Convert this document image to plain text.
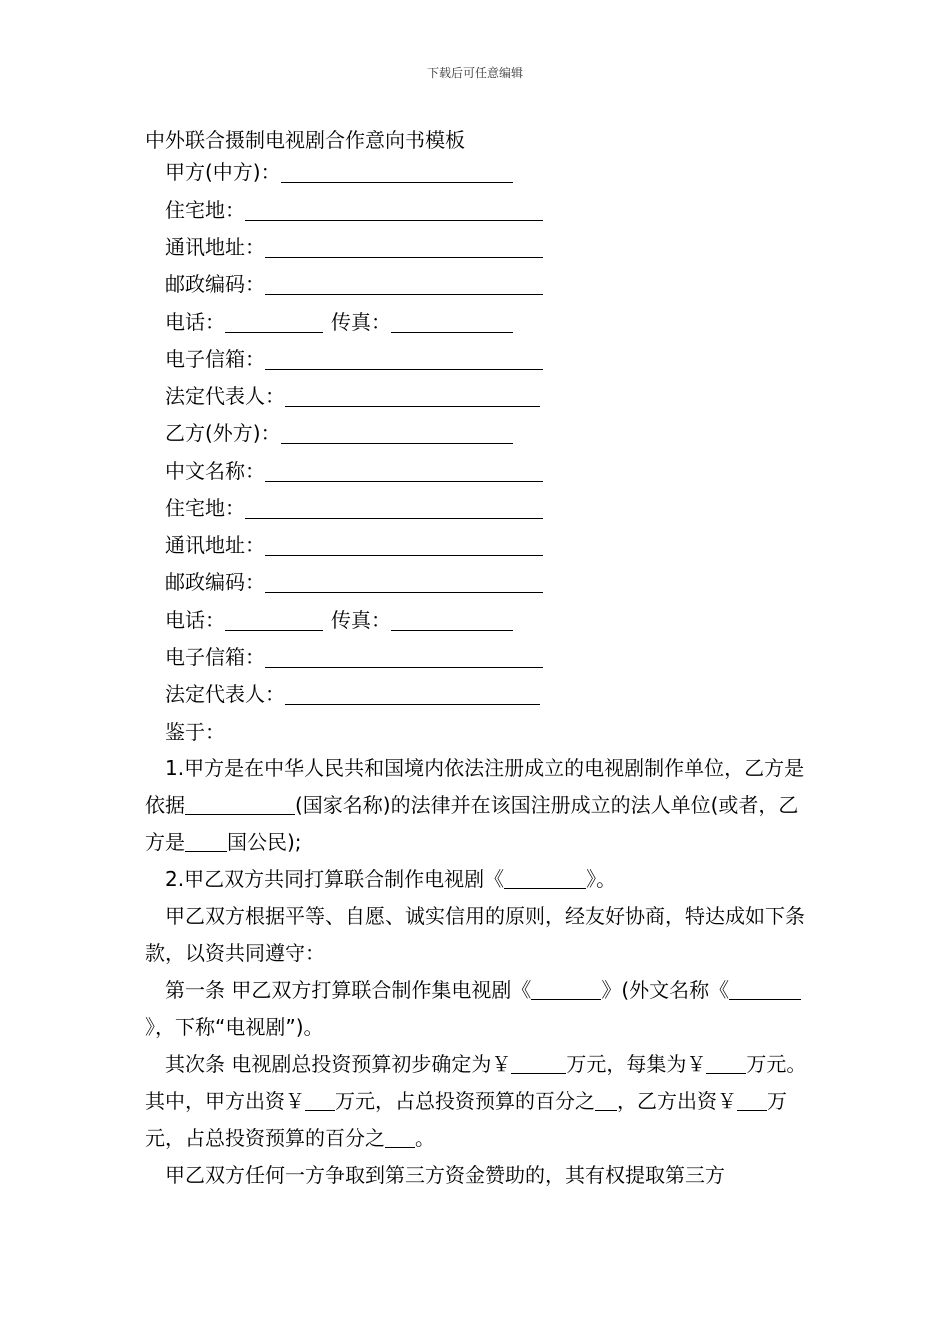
下载后可任意编辑
中外联合摄制电视剧合作意向书模板
甲方(中方)：
住宅地：
通讯地址：
邮政编码：
电话：	传真：
电子信箱：
法定代表人：
乙方(外方)：
中文名称：
住宅地：
通讯地址：
邮政编码：
电话：	传真：
电子信箱：
法定代表人：
鉴于：
1.甲方是在中华人民共和国境内依法注册成立的电视剧制作单位，乙方是依据	(国家名称)的法律并在该国注册成立的法人单位(或者，乙方是 国公民);
2.甲乙双方共同打算联合制作电视剧《	》。
甲乙双方根据平等、自愿、诚实信用的原则，经友好协商，特达成如下条款，以资共同遵守：
第一条 甲乙双方打算联合制作集电视剧《	》(外文名称《》，下称“电视剧”)。
其次条 电视剧总投资预算初步确定为￥	万元，每集为￥ 万元。其中，甲方出资￥ 万元，占总投资预算的百分之 ，乙方出资￥ 万元，占总投资预算的百分之 。
甲乙双方任何一方争取到第三方资金赞助的，其有权提取第三方
